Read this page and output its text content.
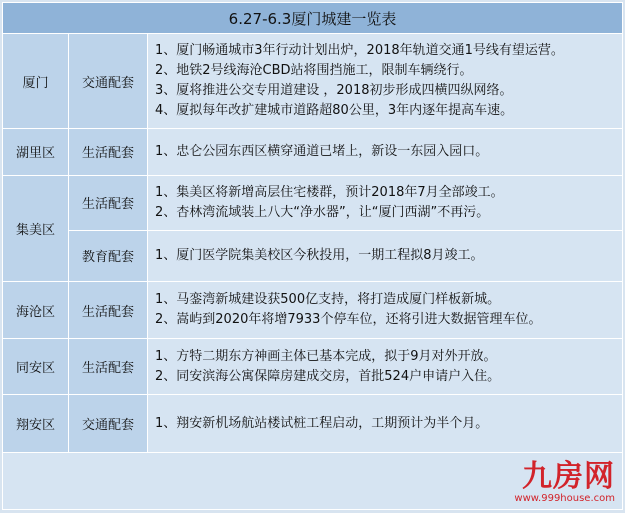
6.27-6.3厦门城建一览表		
厦门	交通配套	1、厦门畅通城市3年行动计划出炉，2018年轨道交通1号线有望运营。
2、地铁2号线海沧CBD站将围挡施工，限制车辆绕行。
3、厦将推进公交专用道建设 ，2018初步形成四横四纵网络。
4、厦拟每年改扩建城市道路超80公里，3年内逐年提高车速。

湖里区	生活配套	1、忠仑公园东西区横穿通道已堵上，新设一东园入园口。

集美区	生活配套	1、集美区将新增高层住宅楼群，预计2018年7月全部竣工。
2、杏林湾流域装上八大“净水器”，让“厦门西湖”不再污。

	教育配套	1、厦门医学院集美校区今秋投用，一期工程拟8月竣工。

海沧区	生活配套	1、马銮湾新城建设获500亿支持，将打造成厦门样板新城。
2、嵩屿到2020年将增7933个停车位，还将引进大数据管理车位。

同安区	生活配套	1、方特二期东方神画主体已基本完成，拟于9月对外开放。
2、同安滨海公寓保障房建成交房，首批524户申请户入住。

翔安区	交通配套	1、翔安新机场航站楼试桩工程启动，工期预计为半个月。

九房网
www.999house.com
